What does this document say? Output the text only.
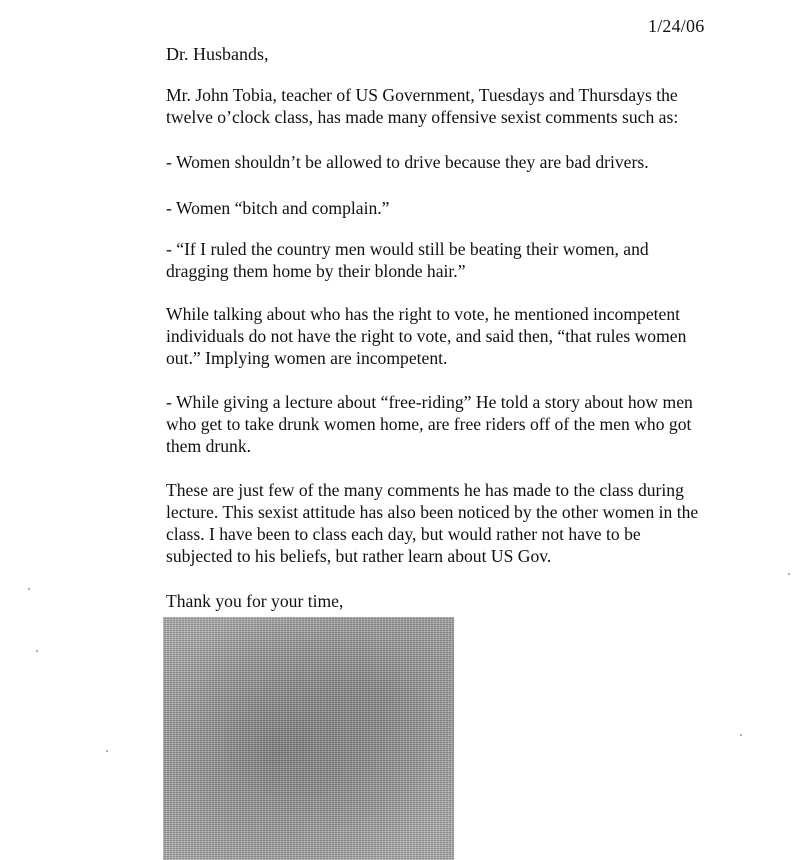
1/24/06
Dr. Husbands,
Mr. John Tobia, teacher of US Government, Tuesdays and Thursdays the
twelve o’clock class, has made many offensive sexist comments such as:
- Women shouldn’t be allowed to drive because they are bad drivers.
- Women “bitch and complain.”
- “If I ruled the country men would still be beating their women, and
dragging them home by their blonde hair.”
While talking about who has the right to vote, he mentioned incompetent
individuals do not have the right to vote, and said then, “that rules women
out.” Implying women are incompetent.
- While giving a lecture about “free-riding” He told a story about how men
who get to take drunk women home, are free riders off of the men who got
them drunk.
These are just few of the many comments he has made to the class during
lecture. This sexist attitude has also been noticed by the other women in the
class. I have been to class each day, but would rather not have to be
subjected to his beliefs, but rather learn about US Gov.
Thank you for your time,
